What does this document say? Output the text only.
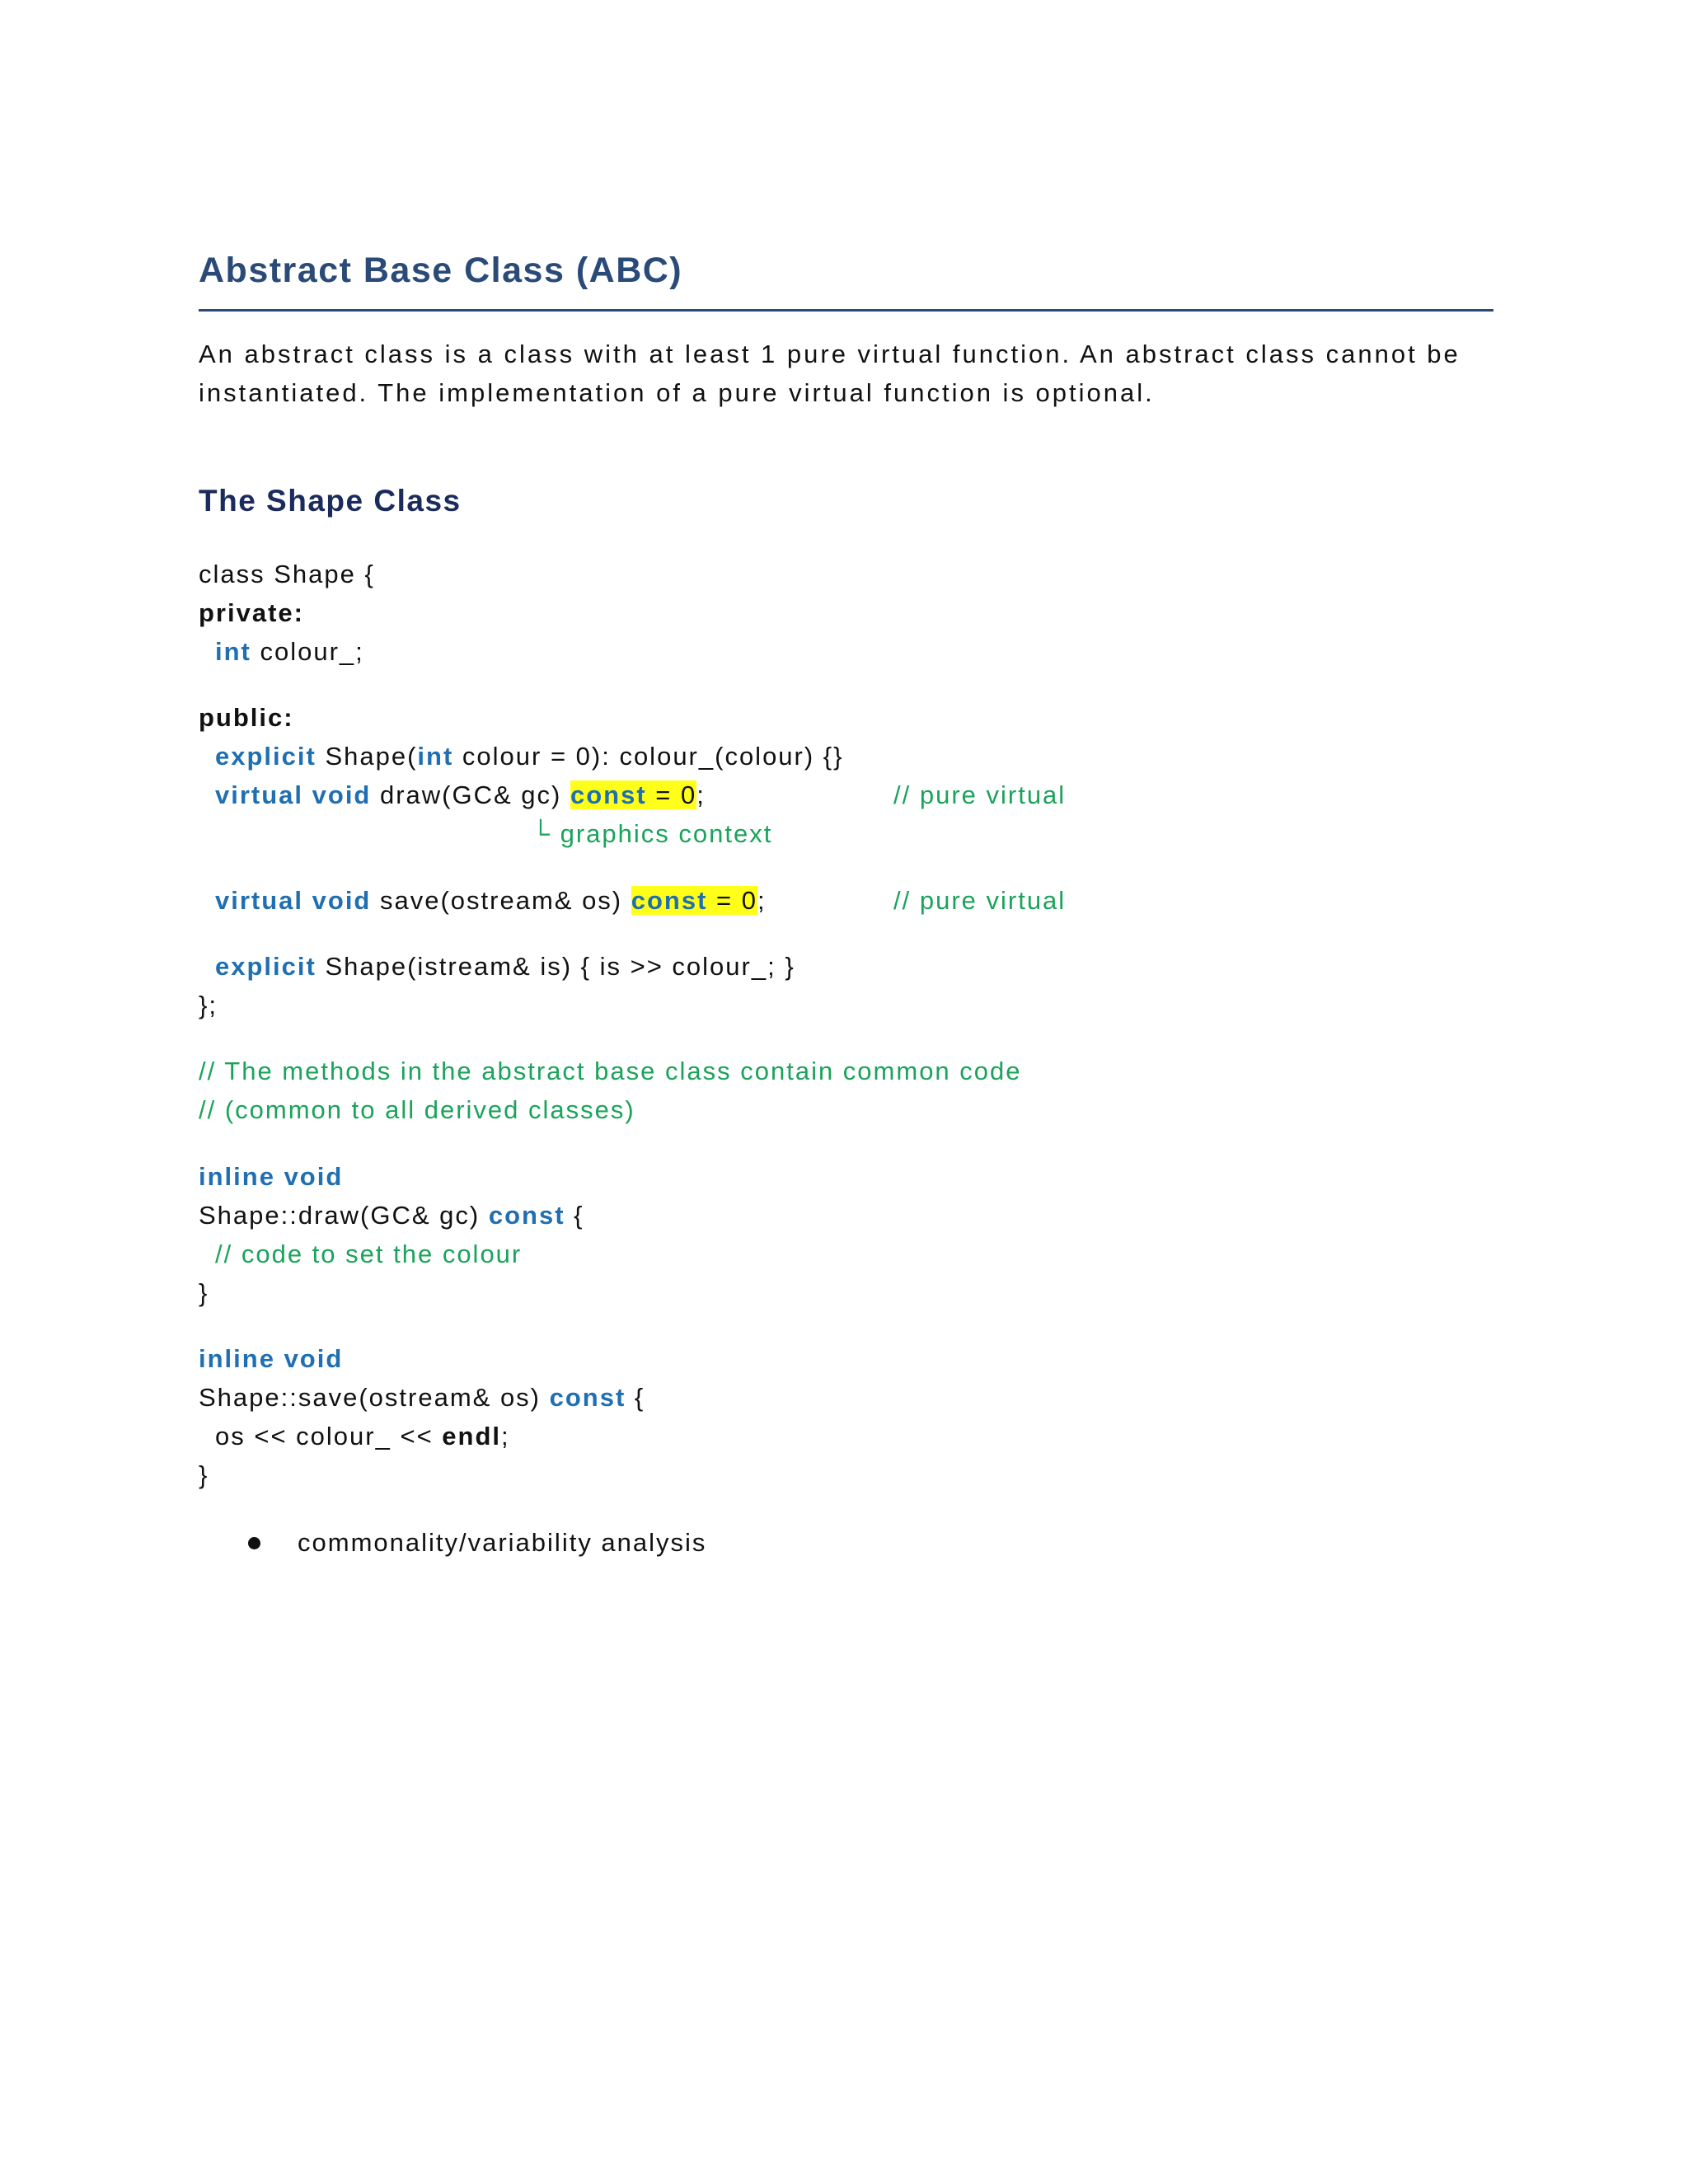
Abstract Base Class (ABC)
An abstract class is a class with at least 1 pure virtual function. An abstract class cannot be
instantiated. The implementation of a pure virtual function is optional.
The Shape Class
class Shape {
private:
int colour_;
public:
explicit Shape(int colour = 0): colour_(colour) {}
virtual void draw(GC& gc) const = 0;	// pure virtual
└ graphics context
virtual void save(ostream& os) const = 0;	// pure virtual
explicit Shape(istream& is) { is >> colour_; }
};
// The methods in the abstract base class contain common code
// (common to all derived classes)
inline void
Shape::draw(GC& gc) const {
// code to set the colour
}
inline void
Shape::save(ostream& os) const {
os << colour_ << endl;
}
commonality/variability analysis
